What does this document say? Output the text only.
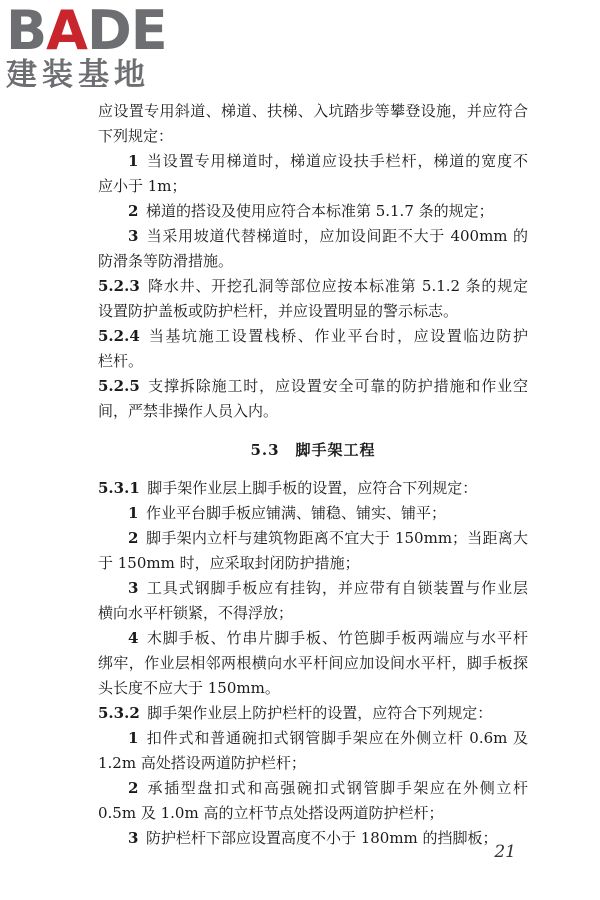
BADE
建装基地
应设置专用斜道、梯道、扶梯、入坑踏步等攀登设施，并应符合
下列规定：
1 当设置专用梯道时，梯道应设扶手栏杆，梯道的宽度不
应小于 1m；
2 梯道的搭设及使用应符合本标准第 5.1.7 条的规定；
3 当采用坡道代替梯道时，应加设间距不大于 400mm 的
防滑条等防滑措施。
5.2.3 降水井、开挖孔洞等部位应按本标准第 5.1.2 条的规定
设置防护盖板或防护栏杆，并应设置明显的警示标志。
5.2.4 当基坑施工设置栈桥、作业平台时，应设置临边防护
栏杆。
5.2.5 支撑拆除施工时，应设置安全可靠的防护措施和作业空
间，严禁非操作人员入内。
5.3　脚手架工程
5.3.1 脚手架作业层上脚手板的设置，应符合下列规定：
1 作业平台脚手板应铺满、铺稳、铺实、铺平；
2 脚手架内立杆与建筑物距离不宜大于 150mm；当距离大
于 150mm 时，应采取封闭防护措施；
3 工具式钢脚手板应有挂钩，并应带有自锁装置与作业层
横向水平杆锁紧，不得浮放；
4 木脚手板、竹串片脚手板、竹笆脚手板两端应与水平杆
绑牢，作业层相邻两根横向水平杆间应加设间水平杆，脚手板探
头长度不应大于 150mm。
5.3.2 脚手架作业层上防护栏杆的设置，应符合下列规定：
1 扣件式和普通碗扣式钢管脚手架应在外侧立杆 0.6m 及
1.2m 高处搭设两道防护栏杆；
2 承插型盘扣式和高强碗扣式钢管脚手架应在外侧立杆
0.5m 及 1.0m 高的立杆节点处搭设两道防护栏杆；
3 防护栏杆下部应设置高度不小于 180mm 的挡脚板；
21
